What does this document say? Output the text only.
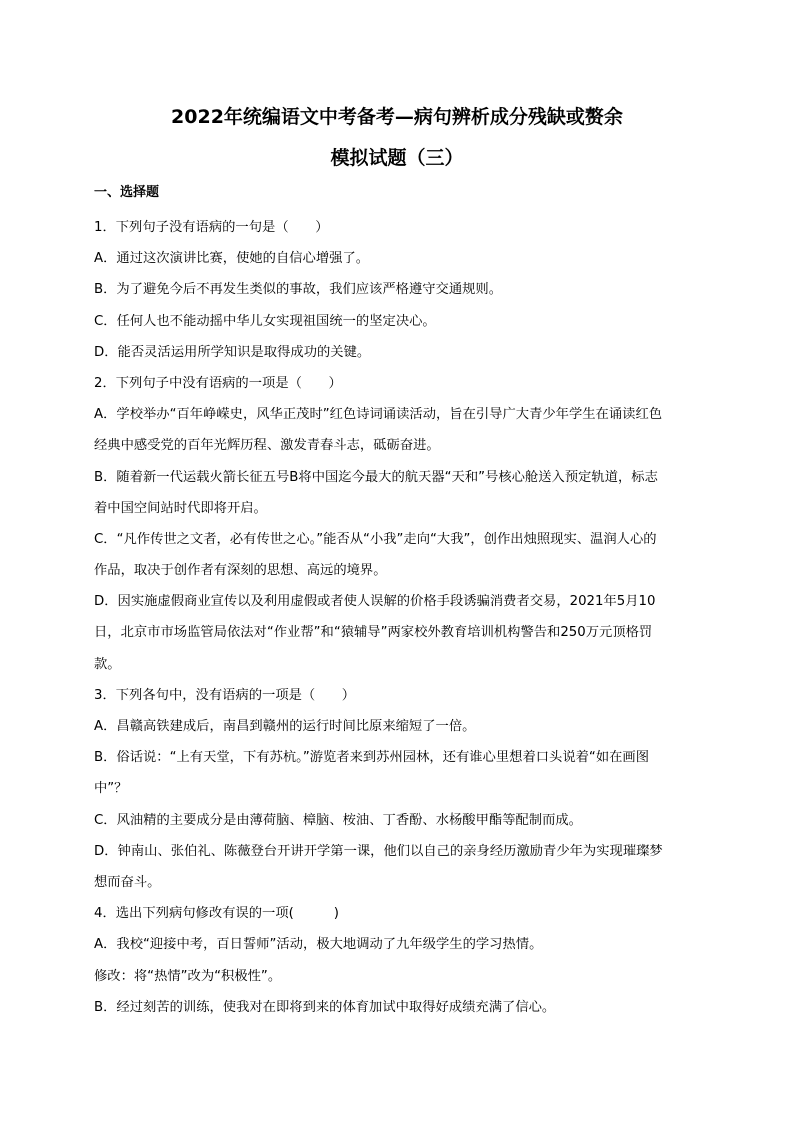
2022年统编语文中考备考—病句辨析成分残缺或赘余
模拟试题（三）
一、选择题
1．下列句子没有语病的一句是（　　）
A．通过这次演讲比赛，使她的自信心增强了。
B．为了避免今后不再发生类似的事故，我们应该严格遵守交通规则。
C．任何人也不能动摇中华儿女实现祖国统一的坚定决心。
D．能否灵活运用所学知识是取得成功的关键。
2．下列句子中没有语病的一项是（　　）
A．学校举办“百年峥嵘史，风华正茂时”红色诗词诵读活动，旨在引导广大青少年学生在诵读红色
经典中感受党的百年光辉历程、激发青春斗志，砥砺奋进。
B．随着新一代运载火箭长征五号B将中国迄今最大的航天器“天和”号核心舱送入预定轨道，标志
着中国空间站时代即将开启。
C．“凡作传世之文者，必有传世之心。”能否从“小我”走向“大我”，创作出烛照现实、温润人心的
作品，取决于创作者有深刻的思想、高远的境界。
D．因实施虚假商业宣传以及利用虚假或者使人误解的价格手段诱骗消费者交易，2021年5月10
日，北京市市场监管局依法对“作业帮”和“猿辅导”两家校外教育培训机构警告和250万元顶格罚
款。
3．下列各句中，没有语病的一项是（　　）
A．昌赣高铁建成后，南昌到赣州的运行时间比原来缩短了一倍。
B．俗话说：“上有天堂，下有苏杭。”游览者来到苏州园林，还有谁心里想着口头说着“如在画图
中”？
C．风油精的主要成分是由薄荷脑、樟脑、桉油、丁香酚、水杨酸甲酯等配制而成。
D．钟南山、张伯礼、陈薇登台开讲开学第一课，他们以自己的亲身经历激励青少年为实现璀璨梦
想而奋斗。
4．选出下列病句修改有误的一项(　　　)
A．我校“迎接中考，百日誓师”活动，极大地调动了九年级学生的学习热情。
修改：将“热情”改为“积极性”。
B．经过刻苦的训练，使我对在即将到来的体育加试中取得好成绩充满了信心。
